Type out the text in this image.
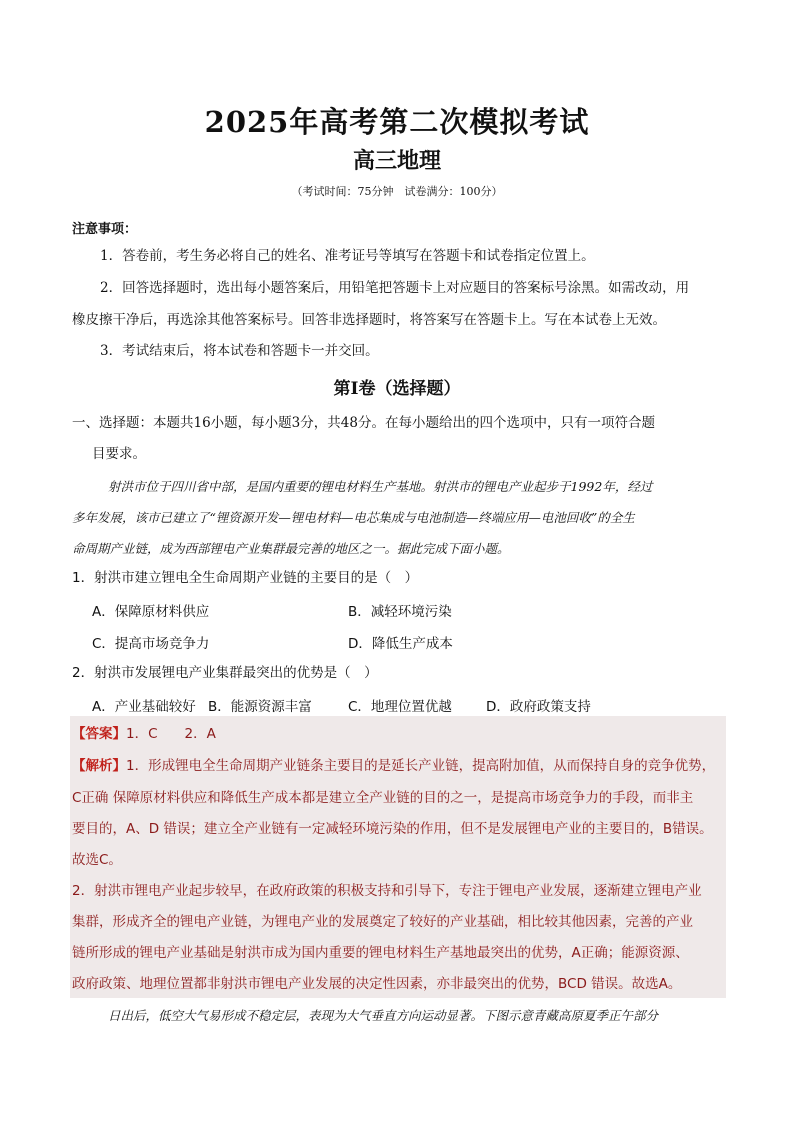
2025年高考第二次模拟考试
高三地理
（考试时间：75分钟　试卷满分：100分）
注意事项：
1．答卷前，考生务必将自己的姓名、准考证号等填写在答题卡和试卷指定位置上。
2．回答选择题时，选出每小题答案后，用铅笔把答题卡上对应题目的答案标号涂黑。如需改动，用
橡皮擦干净后，再选涂其他答案标号。回答非选择题时，将答案写在答题卡上。写在本试卷上无效。
3．考试结束后，将本试卷和答题卡一并交回。
第Ⅰ卷（选择题）
一、选择题：本题共16小题，每小题3分，共48分。在每小题给出的四个选项中，只有一项符合题
目要求。
射洪市位于四川省中部，是国内重要的锂电材料生产基地。射洪市的锂电产业起步于1992年，经过
多年发展，该市已建立了“锂资源开发—锂电材料—电芯集成与电池制造—终端应用—电池回收”的全生
命周期产业链，成为西部锂电产业集群最完善的地区之一。据此完成下面小题。
1．射洪市建立锂电全生命周期产业链的主要目的是（　）
A．保障原材料供应	B．减轻环境污染
C．提高市场竞争力	D．降低生产成本
2．射洪市发展锂电产业集群最突出的优势是（　）
A．产业基础较好 B．能源资源丰富	C．地理位置优越	D．政府政策支持
【答案】1．C　　2．A
【解析】1．形成锂电全生命周期产业链条主要目的是延长产业链，提高附加值，从而保持自身的竞争优势，
C正确 保障原材料供应和降低生产成本都是建立全产业链的目的之一，是提高市场竞争力的手段，而非主
要目的，A、D 错误；建立全产业链有一定减轻环境污染的作用，但不是发展锂电产业的主要目的，B错误。
故选C。
2．射洪市锂电产业起步较早，在政府政策的积极支持和引导下，专注于锂电产业发展，逐渐建立锂电产业
集群，形成齐全的锂电产业链，为锂电产业的发展奠定了较好的产业基础，相比较其他因素，完善的产业
链所形成的锂电产业基础是射洪市成为国内重要的锂电材料生产基地最突出的优势，A正确；能源资源、
政府政策、地理位置都非射洪市锂电产业发展的决定性因素，亦非最突出的优势，BCD 错误。故选A。
日出后，低空大气易形成不稳定层，表现为大气垂直方向运动显著。下图示意青藏高原夏季正午部分
